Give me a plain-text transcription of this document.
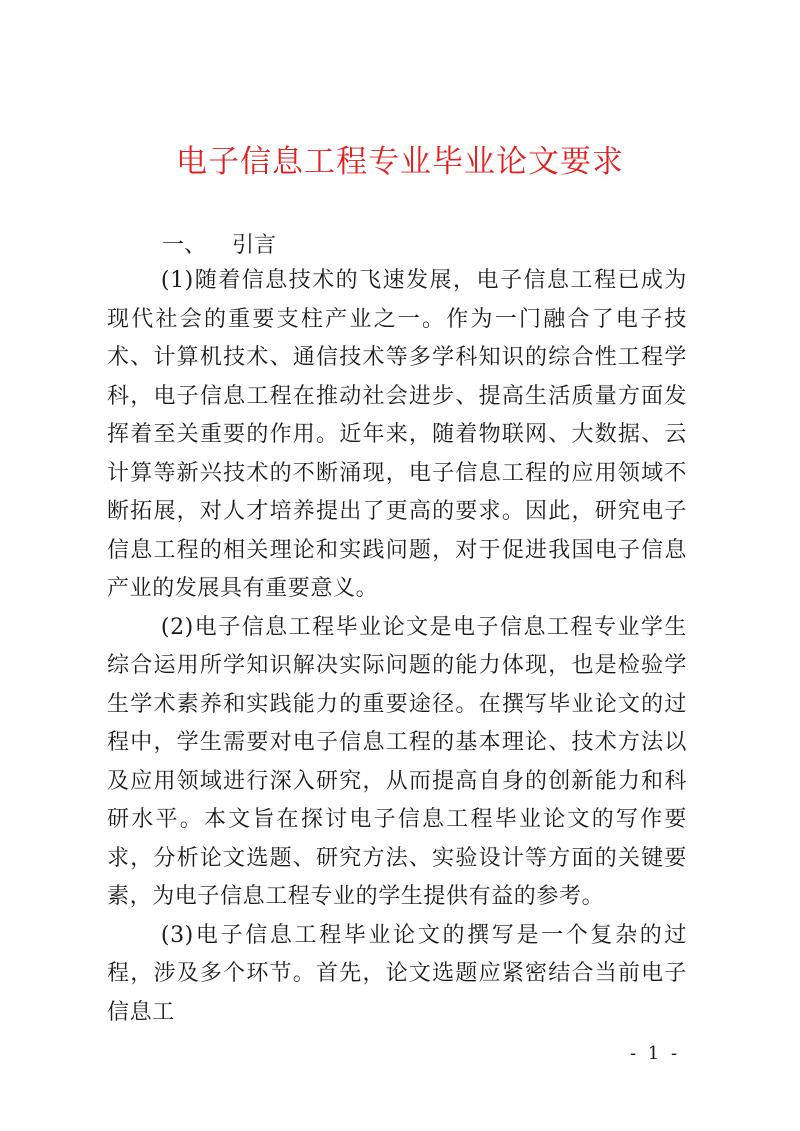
电子信息工程专业毕业论文要求
一、 引言

(1)随着信息技术的飞速发展，电子信息工程已成为现代社会的重要支柱产业之一。作为一门融合了电子技术、计算机技术、通信技术等多学科知识的综合性工程学科，电子信息工程在推动社会进步、提高生活质量方面发挥着至关重要的作用。近年来，随着物联网、大数据、云计算等新兴技术的不断涌现，电子信息工程的应用领域不断拓展，对人才培养提出了更高的要求。因此，研究电子信息工程的相关理论和实践问题，对于促进我国电子信息产业的发展具有重要意义。

(2)电子信息工程毕业论文是电子信息工程专业学生综合运用所学知识解决实际问题的能力体现，也是检验学生学术素养和实践能力的重要途径。在撰写毕业论文的过程中，学生需要对电子信息工程的基本理论、技术方法以及应用领域进行深入研究，从而提高自身的创新能力和科研水平。本文旨在探讨电子信息工程毕业论文的写作要求，分析论文选题、研究方法、实验设计等方面的关键要素，为电子信息工程专业的学生提供有益的参考。

(3)电子信息工程毕业论文的撰写是一个复杂的过程，涉及多个环节。首先，论文选题应紧密结合当前电子信息工

- 1 -
